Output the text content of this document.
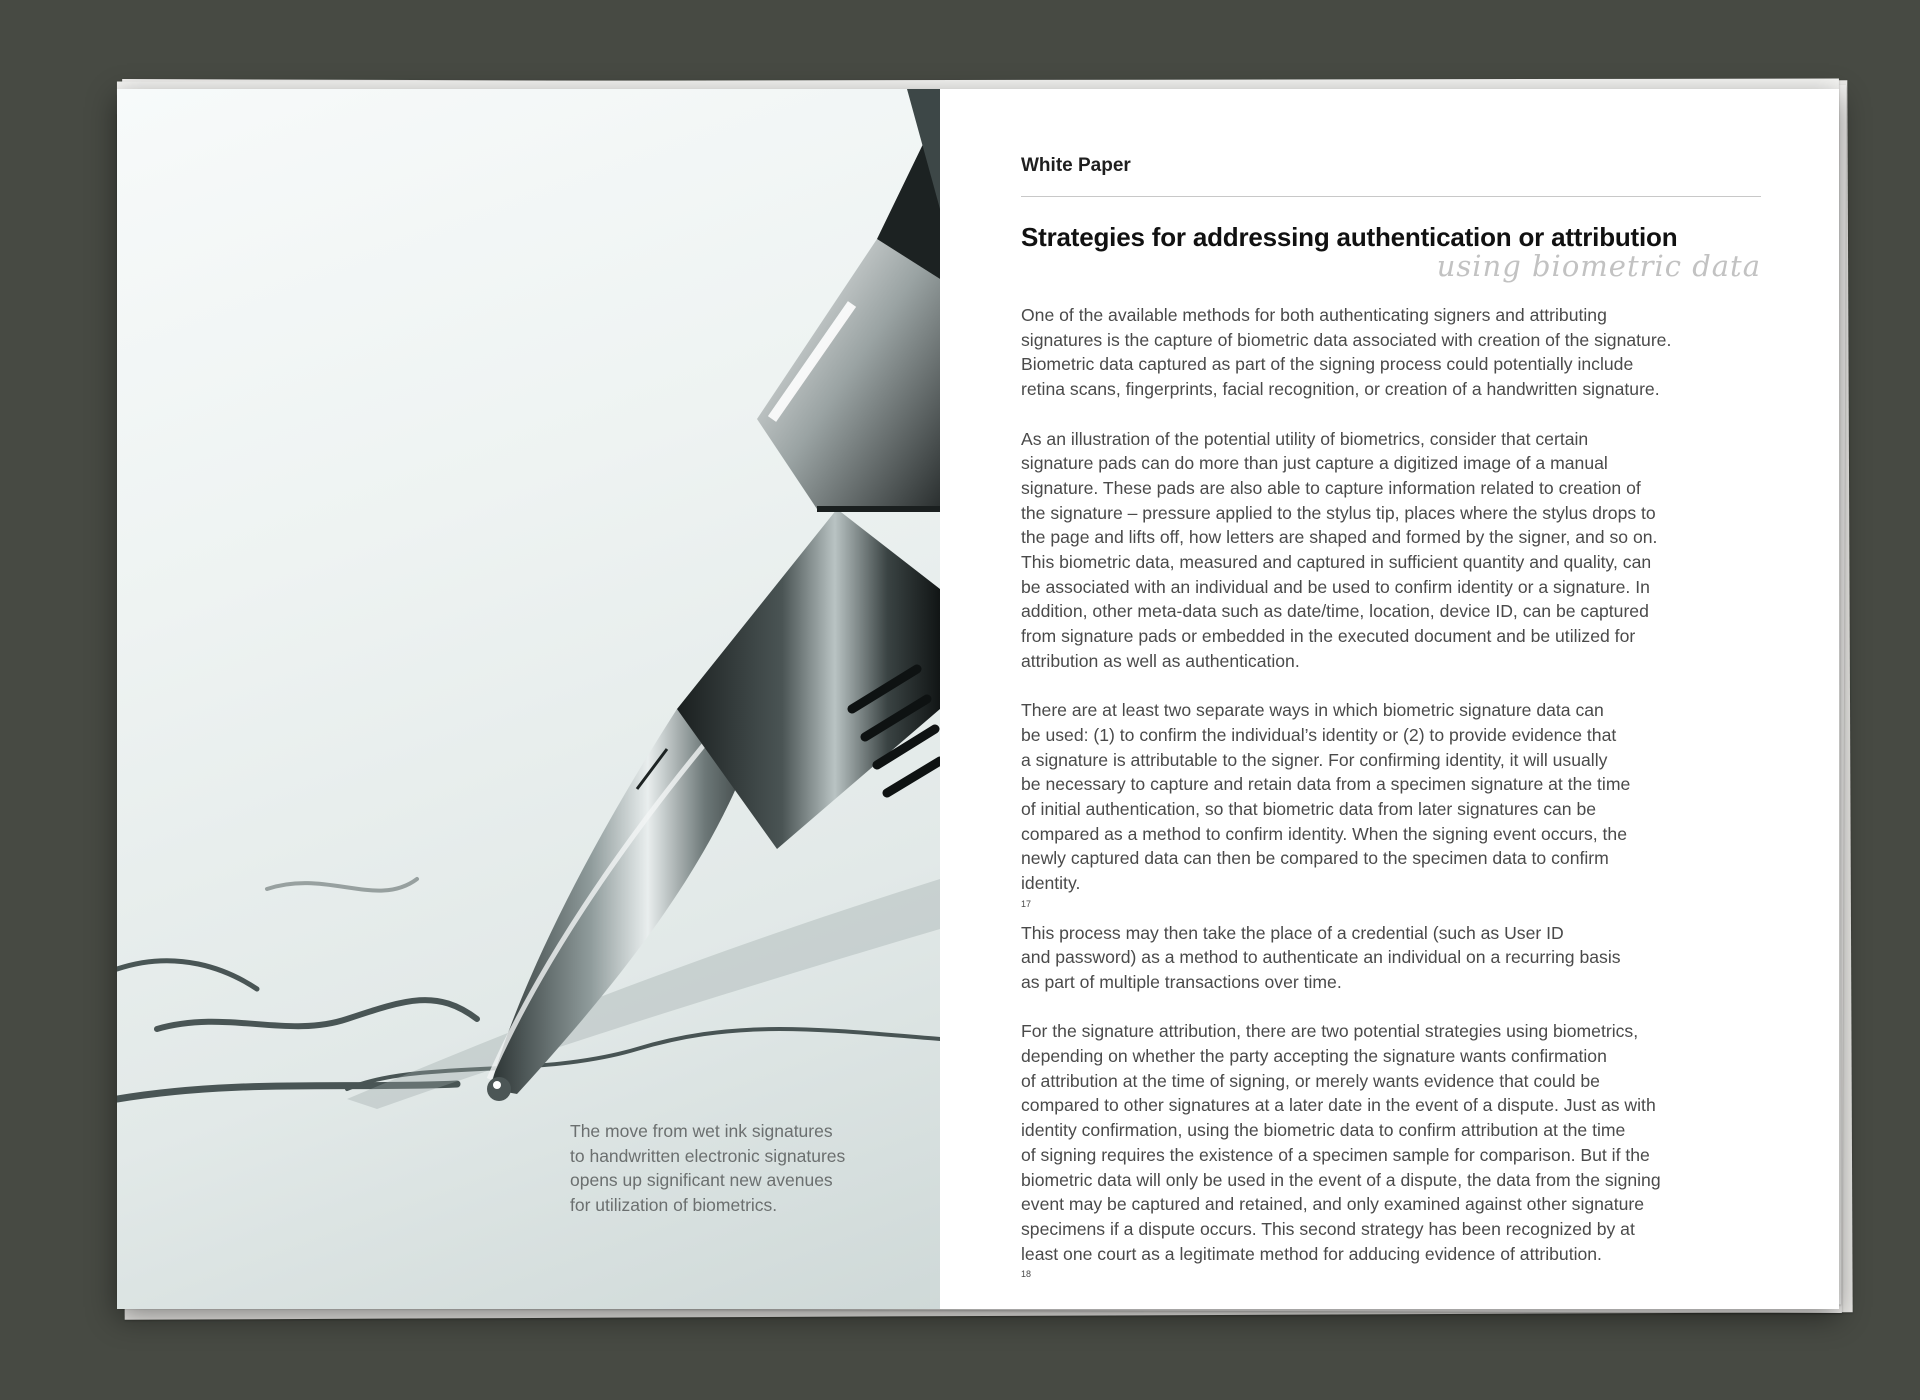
The move from wet ink signatures
to handwritten electronic signatures
opens up significant new avenues
for utilization of biometrics.

White Paper

Strategies for addressing authentication or attribution

using biometric data

One of the available methods for both authenticating signers and attributing
signatures is the capture of biometric data associated with creation of the signature.
Biometric data captured as part of the signing process could potentially include
retina scans, fingerprints, facial recognition, or creation of a handwritten signature.

As an illustration of the potential utility of biometrics, consider that certain
signature pads can do more than just capture a digitized image of a manual
signature. These pads are also able to capture information related to creation of
the signature – pressure applied to the stylus tip, places where the stylus drops to
the page and lifts off, how letters are shaped and formed by the signer, and so on.
This biometric data, measured and captured in sufficient quantity and quality, can
be associated with an individual and be used to confirm identity or a signature. In
addition, other meta-data such as date/time, location, device ID, can be captured
from signature pads or embedded in the executed document and be utilized for
attribution as well as authentication.

There are at least two separate ways in which biometric signature data can
be used: (1) to confirm the individual’s identity or (2) to provide evidence that
a signature is attributable to the signer. For confirming identity, it will usually
be necessary to capture and retain data from a specimen signature at the time
of initial authentication, so that biometric data from later signatures can be
compared as a method to confirm identity. When the signing event occurs, the
newly captured data can then be compared to the specimen data to confirm
identity.
$^{17}$
This process may then take the place of a credential (such as User ID
and password) as a method to authenticate an individual on a recurring basis
as part of multiple transactions over time.

For the signature attribution, there are two potential strategies using biometrics,
depending on whether the party accepting the signature wants confirmation
of attribution at the time of signing, or merely wants evidence that could be
compared to other signatures at a later date in the event of a dispute. Just as with
identity confirmation, using the biometric data to confirm attribution at the time
of signing requires the existence of a specimen sample for comparison. But if the
biometric data will only be used in the event of a dispute, the data from the signing
event may be captured and retained, and only examined against other signature
specimens if a dispute occurs. This second strategy has been recognized by at
least one court as a legitimate method for adducing evidence of attribution.
$^{18}$
